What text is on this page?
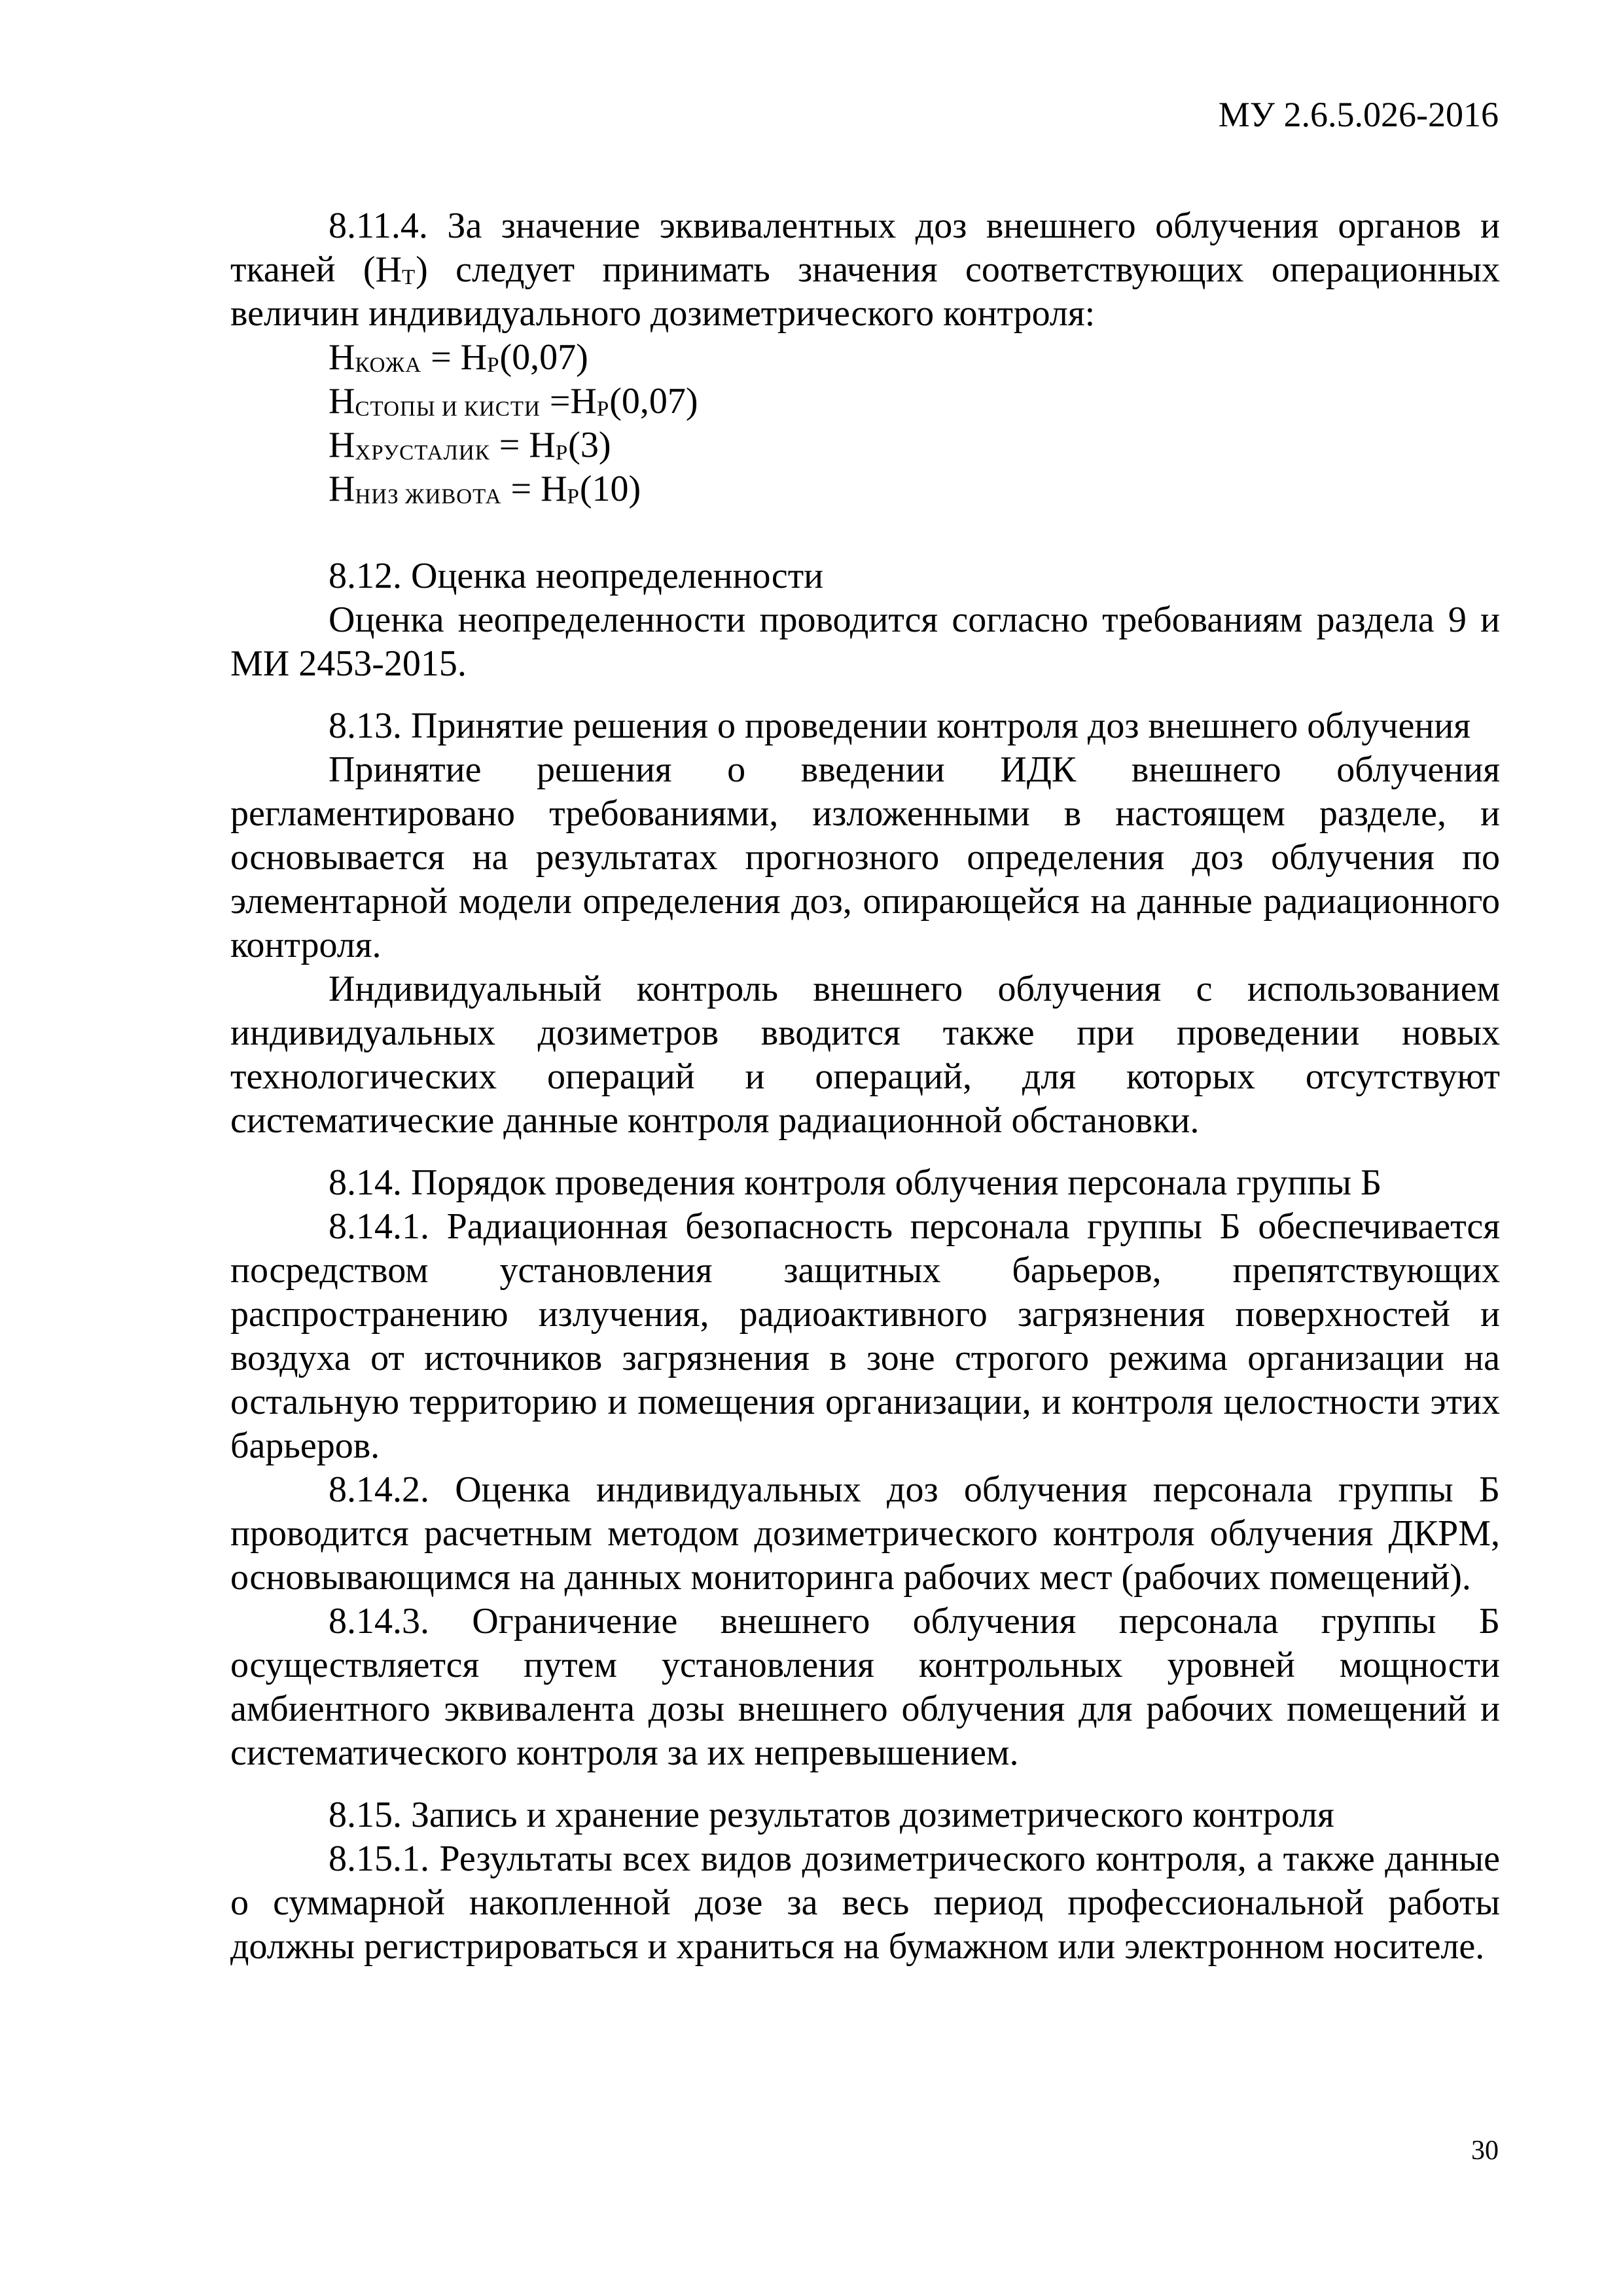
МУ 2.6.5.026-2016

8.11.4. За значение эквивалентных доз внешнего облучения органов и тканей (НТ) следует принимать значения соответствующих операционных величин индивидуального дозиметрического контроля:

НКОЖА = НР(0,07)

НСТОПЫ И КИСТИ =НР(0,07)

НХРУСТАЛИК = НР(3)

ННИЗ ЖИВОТА = НР(10)

8.12. Оценка неопределенности

Оценка неопределенности проводится согласно требованиям раздела 9 и МИ 2453-2015.

8.13. Принятие решения о проведении контроля доз внешнего облучения

Принятие решения о введении ИДК внешнего облучения регламентировано требованиями, изложенными в настоящем разделе, и основывается на результатах прогнозного определения доз облучения по элементарной модели определения доз, опирающейся на данные радиационного контроля.

Индивидуальный контроль внешнего облучения с использованием индивидуальных дозиметров вводится также при проведении новых технологических операций и операций, для которых отсутствуют систематические данные контроля радиационной обстановки.

8.14. Порядок проведения контроля облучения персонала группы Б

8.14.1. Радиационная безопасность персонала группы Б обеспечивается посредством установления защитных барьеров, препятствующих распространению излучения, радиоактивного загрязнения поверхностей и воздуха от источников загрязнения в зоне строгого режима организации на остальную территорию и помещения организации, и контроля целостности этих барьеров.

8.14.2. Оценка индивидуальных доз облучения персонала группы Б проводится расчетным методом дозиметрического контроля облучения ДКРМ, основывающимся на данных мониторинга рабочих мест (рабочих помещений).

8.14.3. Ограничение внешнего облучения персонала группы Б осуществляется путем установления контрольных уровней мощности амбиентного эквивалента дозы внешнего облучения для рабочих помещений и систематического контроля за их непревышением.

8.15. Запись и хранение результатов дозиметрического контроля

8.15.1. Результаты всех видов дозиметрического контроля, а также данные о суммарной накопленной дозе за весь период профессиональной работы должны регистрироваться и храниться на бумажном или электронном носителе.

30
